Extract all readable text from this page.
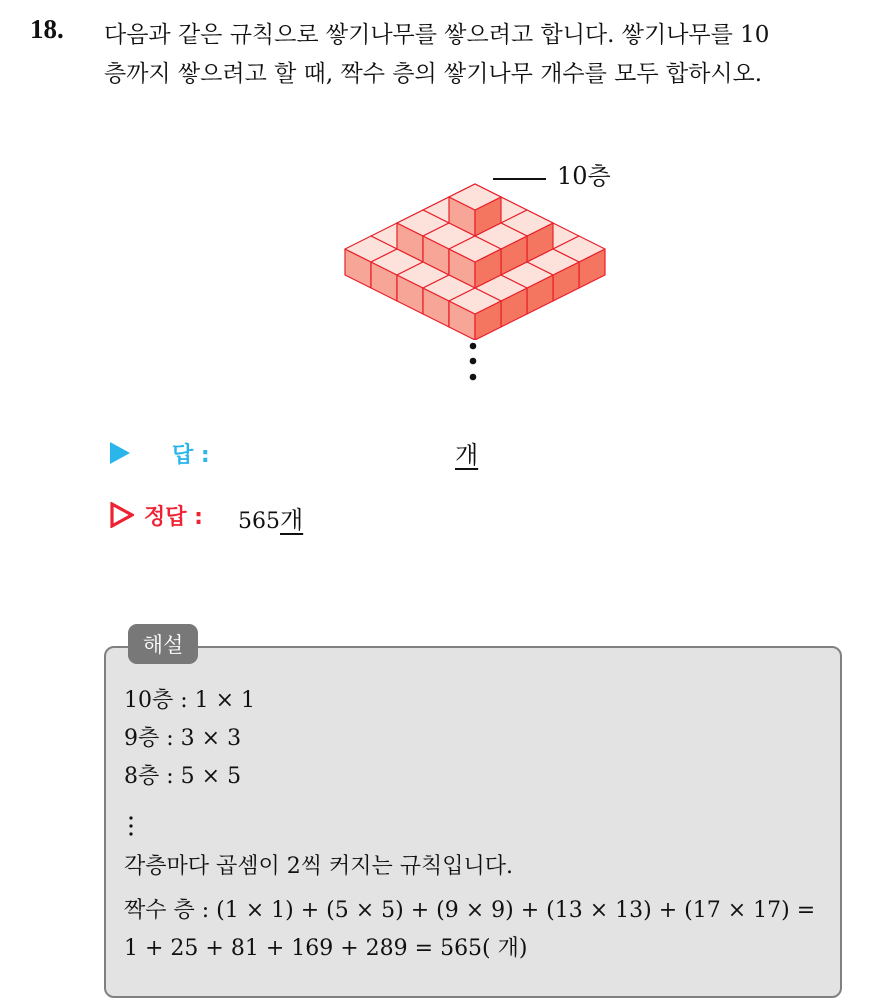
18. 다음과 같은 규칙으로 쌓기나무를 쌓으려고 합니다. 쌓기나무를 10
층까지 쌓으려고 할 때, 짝수 층의 쌓기나무 개수를 모두 합하시오.
10층
답 :	개
정답 : 565개
해설
10층 : 1 × 1
9층 : 3 × 3
8층 : 5 × 5
각층마다 곱셈이 2씩 커지는 규칙입니다.
짝수 층 : (1 × 1) + (5 × 5) + (9 × 9) + (13 × 13) + (17 × 17) =
1 + 25 + 81 + 169 + 289 = 565( 개)
